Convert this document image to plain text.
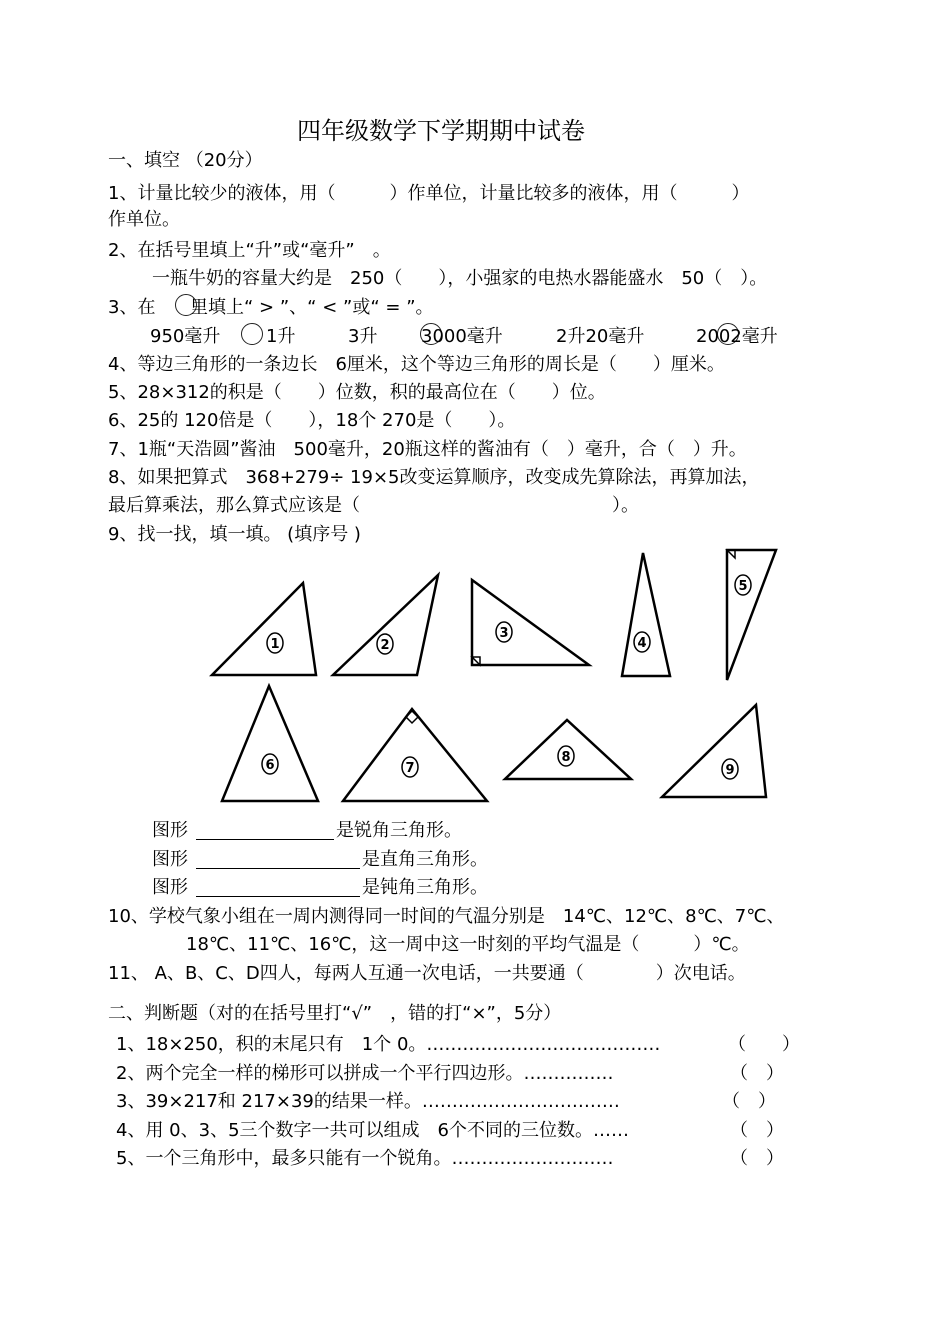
四年级数学下学期期中试卷
一、填空 （20分）
1、计量比较少的液体，用（　　　）作单位，计量比较多的液体，用（　　　）
作单位。
2、在括号里填上“升”或“毫升”　。
一瓶牛奶的容量大约是　250（　　），小强家的电热水器能盛水　50（　）。
3、在 里填上“ > ”、“ < ”或“ = ”。
950毫升	1升	3升 3000毫升	2升20毫升	2002毫升
4、等边三角形的一条边长　6厘米，这个等边三角形的周长是（　　）厘米。
5、28×312的积是（　　）位数，积的最高位在（　　）位。
6、25的 120倍是（　　），18个 270是（　　）。
7、1瓶“天浩圆”酱油　500毫升，20瓶这样的酱油有（　）毫升，合（　）升。
8、如果把算式　368+279÷ 19×5改变运算顺序，改变成先算除法，再算加法，
最后算乘法，那么算式应该是（　　　　　　　　　　　　　　）。
9、找一找，填一填。 (填序号 )
1	2
3
4
5
6	7
8
9
图形	是锐角三角形。
图形	是直角三角形。
图形	是钝角三角形。
10、学校气象小组在一周内测得同一时间的气温分别是　14℃、12℃、8℃、7℃、
18℃、11℃、16℃，这一周中这一时刻的平均气温是（　　　）℃。
11、 A、B、C、D四人，每两人互通一次电话，一共要通（　　　　）次电话。
二、判断题（对的在括号里打“√”　，错的打“×”，5分）
1、18×250，积的末尾只有　1个 0。…………………………………	（　　）
2、两个完全一样的梯形可以拼成一个平行四边形。……………	（　）
3、39×217和 217×39的结果一样。……………………………	（　）
4、用 0、3、5三个数字一共可以组成　6个不同的三位数。……	（　）
5、一个三角形中，最多只能有一个锐角。………………………	（　）
